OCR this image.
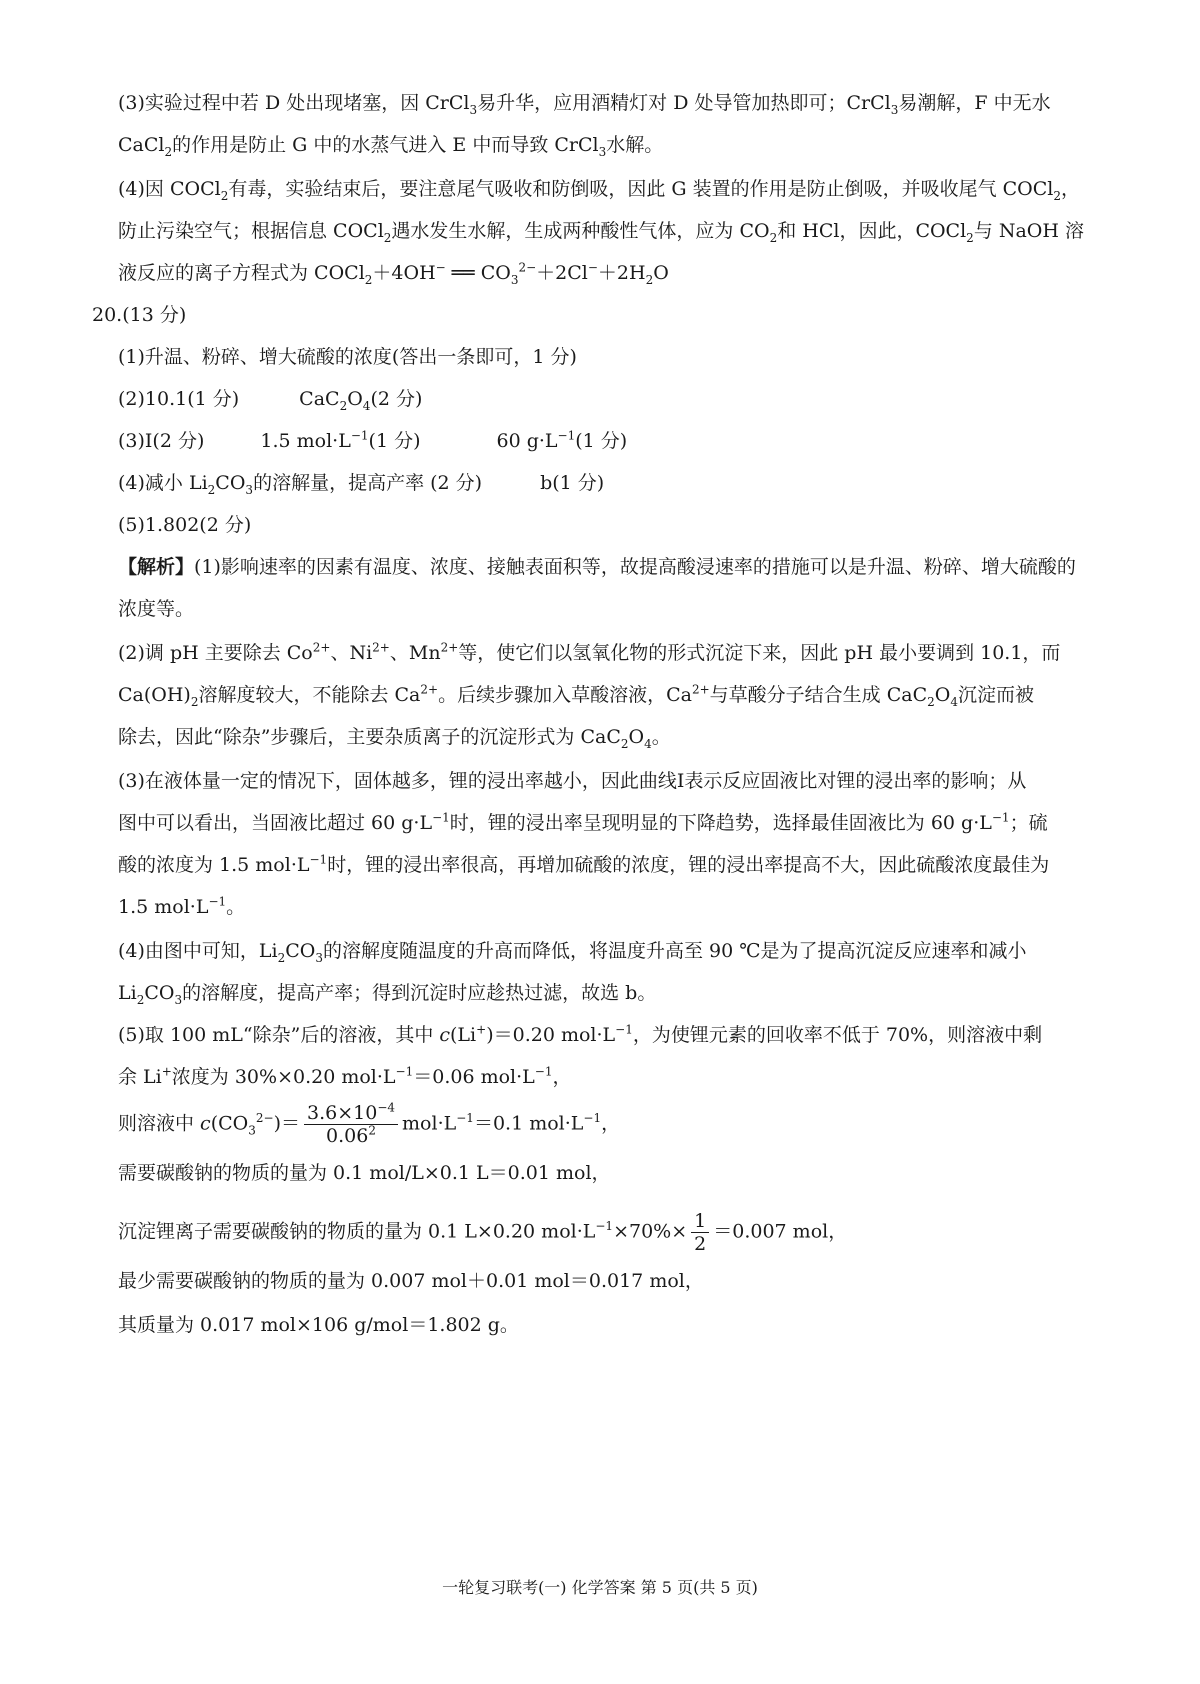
(3)实验过程中若 D 处出现堵塞，因 CrCl$_3$易升华，应用酒精灯对 D 处导管加热即可；CrCl$_3$易潮解，F 中无水
CaCl$_2$的作用是防止 G 中的水蒸气进入 E 中而导致 CrCl$_3$水解。
(4)因 COCl$_2$有毒，实验结束后，要注意尾气吸收和防倒吸，因此 G 装置的作用是防止倒吸，并吸收尾气 COCl$_2$，
防止污染空气；根据信息 COCl$_2$遇水发生水解，生成两种酸性气体，应为 $CO_2$和 HCl，因此，COCl$_2$与 NaOH 溶
液反应的离子方程式为 COCl$_2$＋4OH− ══ $CO_3^{2-}+2Cl^-+2H_2O$
20.(13 分)
(1)升温、粉碎、增大硫酸的浓度(答出一条即可，1 分)
(2)10.1(1 分)	$CaC_2O_4(2$ 分)
(3)Ⅰ(2 分)	1.5 $mol\cdot L^{-1}(1$ 分)	60 $g\cdot L^{-1}(1$ 分)
(4)减小 $Li_2CO_3$的溶解量，提高产率 (2 分)	b(1 分)
(5)1.802(2 分)
【解析】(1)影响速率的因素有温度、浓度、接触表面积等，故提高酸浸速率的措施可以是升温、粉碎、增大硫酸的
浓度等。
(2)调 pH 主要除去 $Co^{2+}$、$Ni^{2+}$、$Mn^{2+}$等，使它们以氢氧化物的形式沉淀下来，因此 pH 最小要调到 10.1，而
$Ca(OH)_2$溶解度较大，不能除去 $Ca^{2+}$。后续步骤加入草酸溶液，$Ca^{2+}$与草酸分子结合生成 $CaC_2O_4$沉淀而被
除去，因此“除杂”步骤后，主要杂质离子的沉淀形式为 $CaC_2O_4$。
(3)在液体量一定的情况下，固体越多，锂的浸出率越小，因此曲线Ⅰ表示反应固液比对锂的浸出率的影响；从
图中可以看出，当固液比超过 60 $g\cdot L^{-1}$时，锂的浸出率呈现明显的下降趋势，选择最佳固液比为 60 $g\cdot L^{-1}$；硫
酸的浓度为 1.5 $mol\cdot L^{-1}$时，锂的浸出率很高，再增加硫酸的浓度，锂的浸出率提高不大，因此硫酸浓度最佳为
1.5 $mol\cdot L^{-1}$。
(4)由图中可知，$Li_2CO_3$的溶解度随温度的升高而降低，将温度升高至 90 ℃是为了提高沉淀反应速率和减小
$Li_2CO_3$的溶解度，提高产率；得到沉淀时应趁热过滤，故选 b。
(5)取 100 mL“除杂”后的溶液，其中 c(Li+)＝0.20 $mol\cdot L^{-1}$，为使锂元素的回收率不低于 70%，则溶液中剩
余 Li+浓度为 30%×0.20 $mol\cdot L^{-1}=0.06$ $mol\cdot L^{-1}$，
则溶液中 $c(CO_3^{2-})= \frac{3.6\times 10^{-4}}{0.06^2} mol\cdot L^{-1}=0.1$ $mol\cdot L^{-1}$，
需要碳酸钠的物质的量为 0.1 mol/L×0.1 L＝0.01 mol，
沉淀锂离子需要碳酸钠的物质的量为 0.1 L×0.20 $mol\cdot L^{-1}\times 70\%\times \frac{1}{2} =0.007$ mol，
最少需要碳酸钠的物质的量为 0.007 mol＋0.01 mol＝0.017 mol，
其质量为 0.017 mol×106 g/mol＝1.802 g。
一轮复习联考(一) 化学答案 第 5 页(共 5 页)
